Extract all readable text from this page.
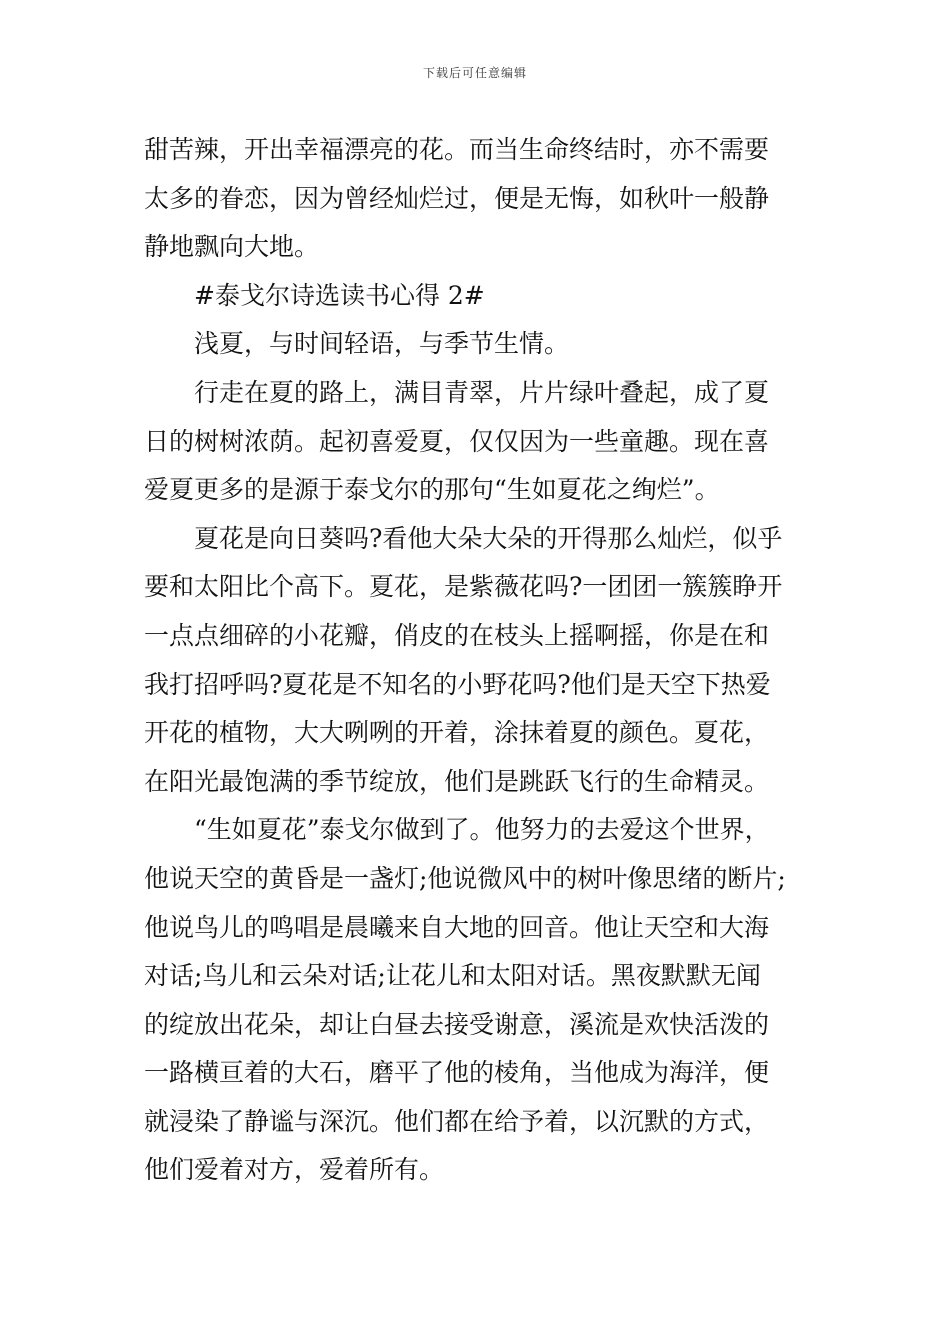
下载后可任意编辑
甜苦辣，开出幸福漂亮的花。而当生命终结时，亦不需要
太多的眷恋，因为曾经灿烂过，便是无悔，如秋叶一般静
静地飘向大地。
#泰戈尔诗选读书心得 2#
浅夏，与时间轻语，与季节生情。
行走在夏的路上，满目青翠，片片绿叶叠起，成了夏
日的树树浓荫。起初喜爱夏，仅仅因为一些童趣。现在喜
爱夏更多的是源于泰戈尔的那句“生如夏花之绚烂”。
夏花是向日葵吗?看他大朵大朵的开得那么灿烂，似乎
要和太阳比个高下。夏花，是紫薇花吗?一团团一簇簇睁开
一点点细碎的小花瓣，俏皮的在枝头上摇啊摇，你是在和
我打招呼吗?夏花是不知名的小野花吗?他们是天空下热爱
开花的植物，大大咧咧的开着，涂抹着夏的颜色。夏花，
在阳光最饱满的季节绽放，他们是跳跃飞行的生命精灵。
“生如夏花”泰戈尔做到了。他努力的去爱这个世界，
他说天空的黄昏是一盏灯;他说微风中的树叶像思绪的断片;
他说鸟儿的鸣唱是晨曦来自大地的回音。他让天空和大海
对话;鸟儿和云朵对话;让花儿和太阳对话。黑夜默默无闻
的绽放出花朵，却让白昼去接受谢意，溪流是欢快活泼的
一路横亘着的大石，磨平了他的棱角，当他成为海洋，便
就浸染了静谧与深沉。他们都在给予着，以沉默的方式，
他们爱着对方，爱着所有。
